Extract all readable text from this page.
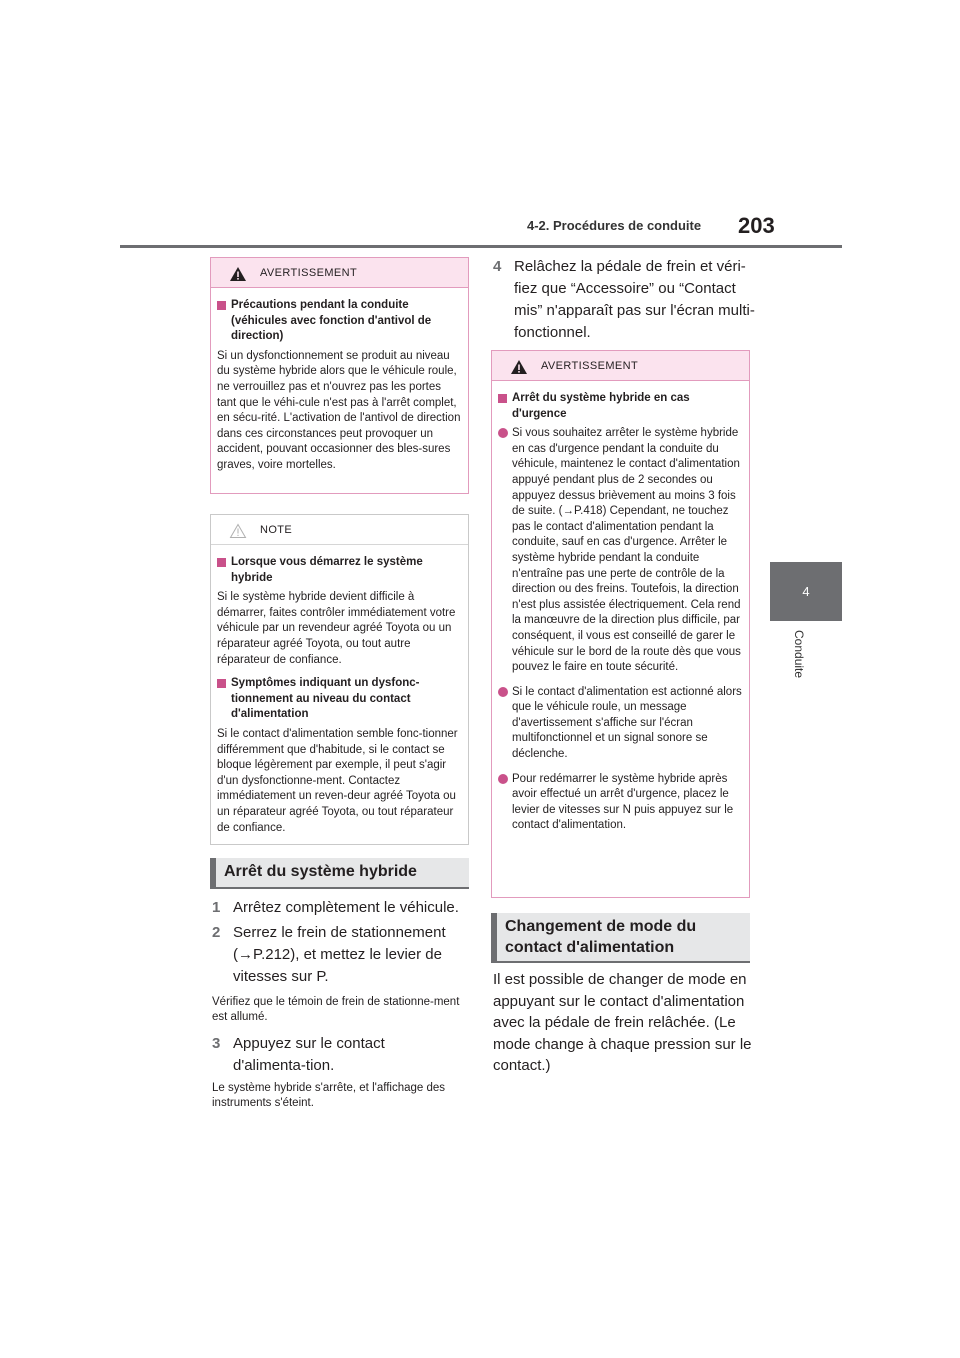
4-2. Procédures de conduite 203
4
Conduite
AVERTISSEMENT
Précautions pendant la conduite (véhicules avec fonction d'antivol de direction)
Si un dysfonctionnement se produit au niveau du système hybride alors que le véhicule roule, ne verrouillez pas et n'ouvrez pas les portes tant que le véhi-cule n'est pas à l'arrêt complet, en sécu-rité. L'activation de l'antivol de direction dans ces circonstances peut provoquer un accident, pouvant occasionner des bles-sures graves, voire mortelles.
NOTE
Lorsque vous démarrez le système hybride
Si le système hybride devient difficile à démarrer, faites contrôler immédiatement votre véhicule par un revendeur agréé Toyota ou un réparateur agréé Toyota, ou tout autre réparateur de confiance.
Symptômes indiquant un dysfonc-tionnement au niveau du contact d'alimentation
Si le contact d'alimentation semble fonc-tionner différemment que d'habitude, si le contact se bloque légèrement par exemple, il peut s'agir d'un dysfonctionne-ment. Contactez immédiatement un reven-deur agréé Toyota ou un réparateur agréé Toyota, ou tout réparateur de confiance.
Arrêt du système hybride
1 Arrêtez complètement le véhicule.
2 Serrez le frein de stationnement (→P.212), et mettez le levier de vitesses sur P.
Vérifiez que le témoin de frein de stationne-ment est allumé.
3 Appuyez sur le contact d'alimenta-tion.
Le système hybride s'arrête, et l'affichage des instruments s'éteint.
4 Relâchez la pédale de frein et véri-fiez que “Accessoire” ou “Contact mis” n'apparaît pas sur l'écran multi-fonctionnel.
AVERTISSEMENT
Arrêt du système hybride en cas d'urgence
Si vous souhaitez arrêter le système hybride en cas d'urgence pendant la conduite du véhicule, maintenez le contact d'alimentation appuyé pendant plus de 2 secondes ou appuyez dessus brièvement au moins 3 fois de suite. (→P.418) Cependant, ne touchez pas le contact d'alimentation pendant la conduite, sauf en cas d'urgence. Arrêter le système hybride pendant la conduite n'entraîne pas une perte de contrôle de la direction ou des freins. Toutefois, la direction n'est plus assistée électriquement. Cela rend la manœuvre de la direction plus difficile, par conséquent, il vous est conseillé de garer le véhicule sur le bord de la route dès que vous pouvez le faire en toute sécurité.
Si le contact d'alimentation est actionné alors que le véhicule roule, un message d'avertissement s'affiche sur l'écran multifonctionnel et un signal sonore se déclenche.
Pour redémarrer le système hybride après avoir effectué un arrêt d'urgence, placez le levier de vitesses sur N puis appuyez sur le contact d'alimentation.
Changement de mode du contact d'alimentation
Il est possible de changer de mode en appuyant sur le contact d'alimentation avec la pédale de frein relâchée. (Le mode change à chaque pression sur le contact.)
